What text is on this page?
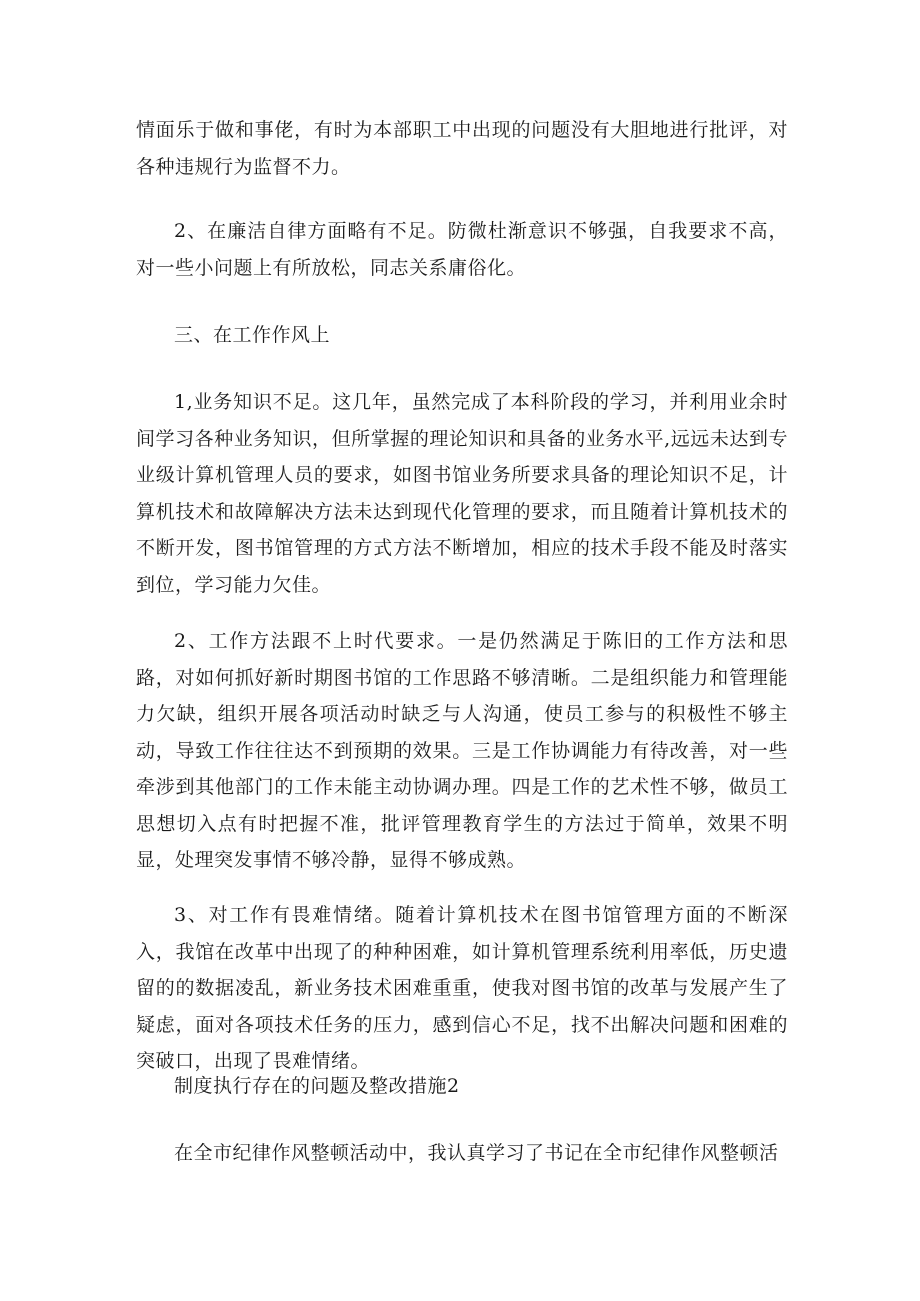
情面乐于做和事佬，有时为本部职工中出现的问题没有大胆地进行批评，对各种违规行为监督不力。

2、在廉洁自律方面略有不足。防微杜渐意识不够强，自我要求不高，对一些小问题上有所放松，同志关系庸俗化。

三、在工作作风上

1,业务知识不足。这几年，虽然完成了本科阶段的学习，并利用业余时间学习各种业务知识，但所掌握的理论知识和具备的业务水平,远远未达到专业级计算机管理人员的要求，如图书馆业务所要求具备的理论知识不足，计算机技术和故障解决方法未达到现代化管理的要求，而且随着计算机技术的不断开发，图书馆管理的方式方法不断增加，相应的技术手段不能及时落实到位，学习能力欠佳。

2、工作方法跟不上时代要求。一是仍然满足于陈旧的工作方法和思路，对如何抓好新时期图书馆的工作思路不够清晰。二是组织能力和管理能力欠缺，组织开展各项活动时缺乏与人沟通，使员工参与的积极性不够主动，导致工作往往达不到预期的效果。三是工作协调能力有待改善，对一些牵涉到其他部门的工作未能主动协调办理。四是工作的艺术性不够，做员工思想切入点有时把握不准，批评管理教育学生的方法过于简单，效果不明显，处理突发事情不够冷静，显得不够成熟。

3、对工作有畏难情绪。随着计算机技术在图书馆管理方面的不断深入，我馆在改革中出现了的种种困难，如计算机管理系统利用率低，历史遗留的的数据凌乱，新业务技术困难重重，使我对图书馆的改革与发展产生了疑虑，面对各项技术任务的压力，感到信心不足，找不出解决问题和困难的突破口，出现了畏难情绪。

制度执行存在的问题及整改措施2

在全市纪律作风整顿活动中，我认真学习了书记在全市纪律作风整顿活
